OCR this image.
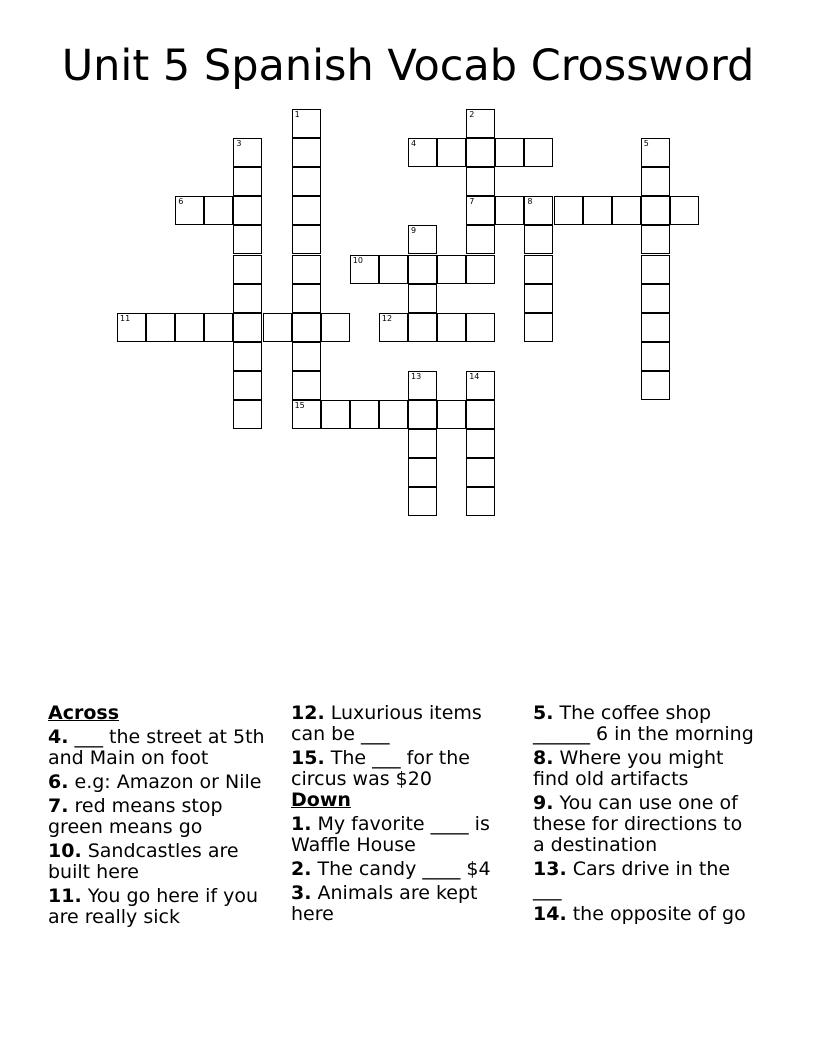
Unit 5 Spanish Vocab Crossword
1
15
2
7
3	4	5
6	8
9
10
11	12
13	14
Across
4. ___ the street at 5th and Main on foot
6. e.g: Amazon or Nile
7. red means stop green means go
10. Sandcastles are built here
11. You go here if you are really sick
12. Luxurious items can be ___
15. The ___ for the circus was $20
Down
1. My favorite ____ is Waffle House
2. The candy ____ $4
3. Animals are kept here
5. The coffee shop ______ 6 in the morning
8. Where you might find old artifacts
9. You can use one of these for directions to a destination
13. Cars drive in the ___
14. the opposite of go
